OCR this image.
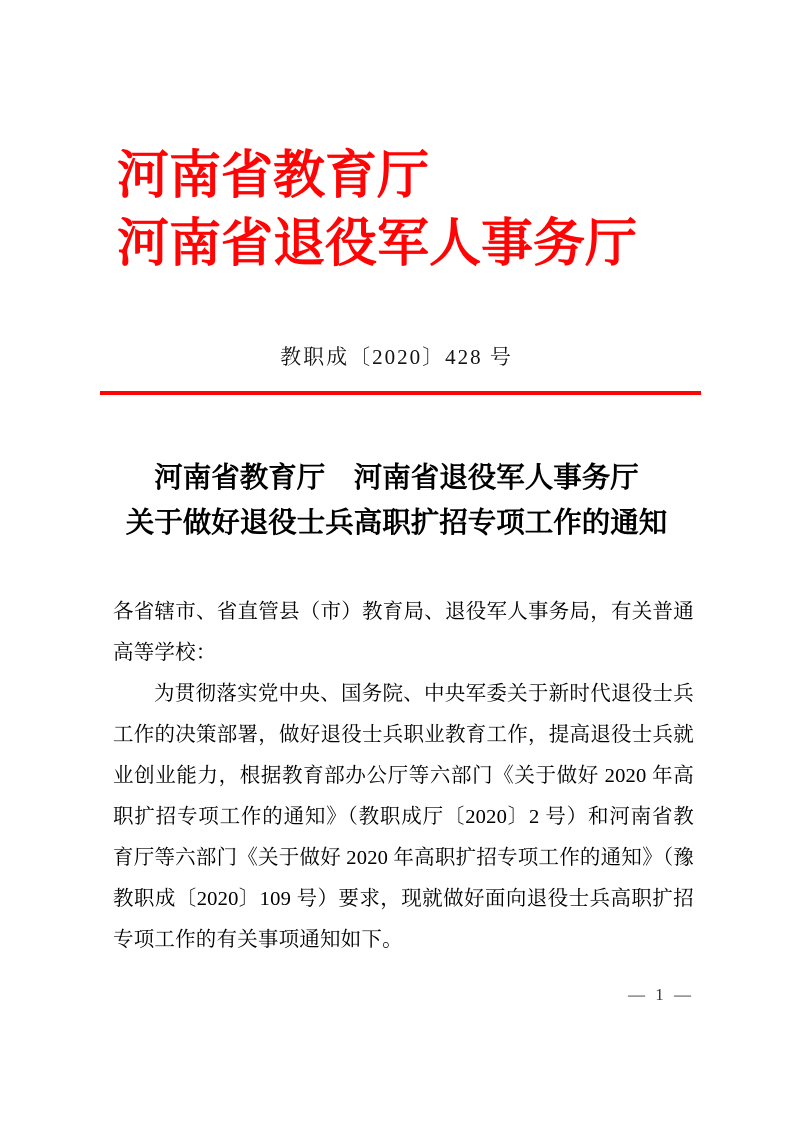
河南省教育厅
河南省退役军人事务厅
教职成〔2020〕428 号
河南省教育厅　河南省退役军人事务厅
关于做好退役士兵高职扩招专项工作的通知

各省辖市、省直管县（市）教育局、退役军人事务局，有关普通高等学校：

为贯彻落实党中央、国务院、中央军委关于新时代退役士兵工作的决策部署，做好退役士兵职业教育工作，提高退役士兵就业创业能力，根据教育部办公厅等六部门《关于做好 2020 年高职扩招专项工作的通知》（教职成厅〔2020〕2 号）和河南省教育厅等六部门《关于做好 2020 年高职扩招专项工作的通知》（豫教职成〔2020〕109 号）要求，现就做好面向退役士兵高职扩招专项工作的有关事项通知如下。

— 1 —
